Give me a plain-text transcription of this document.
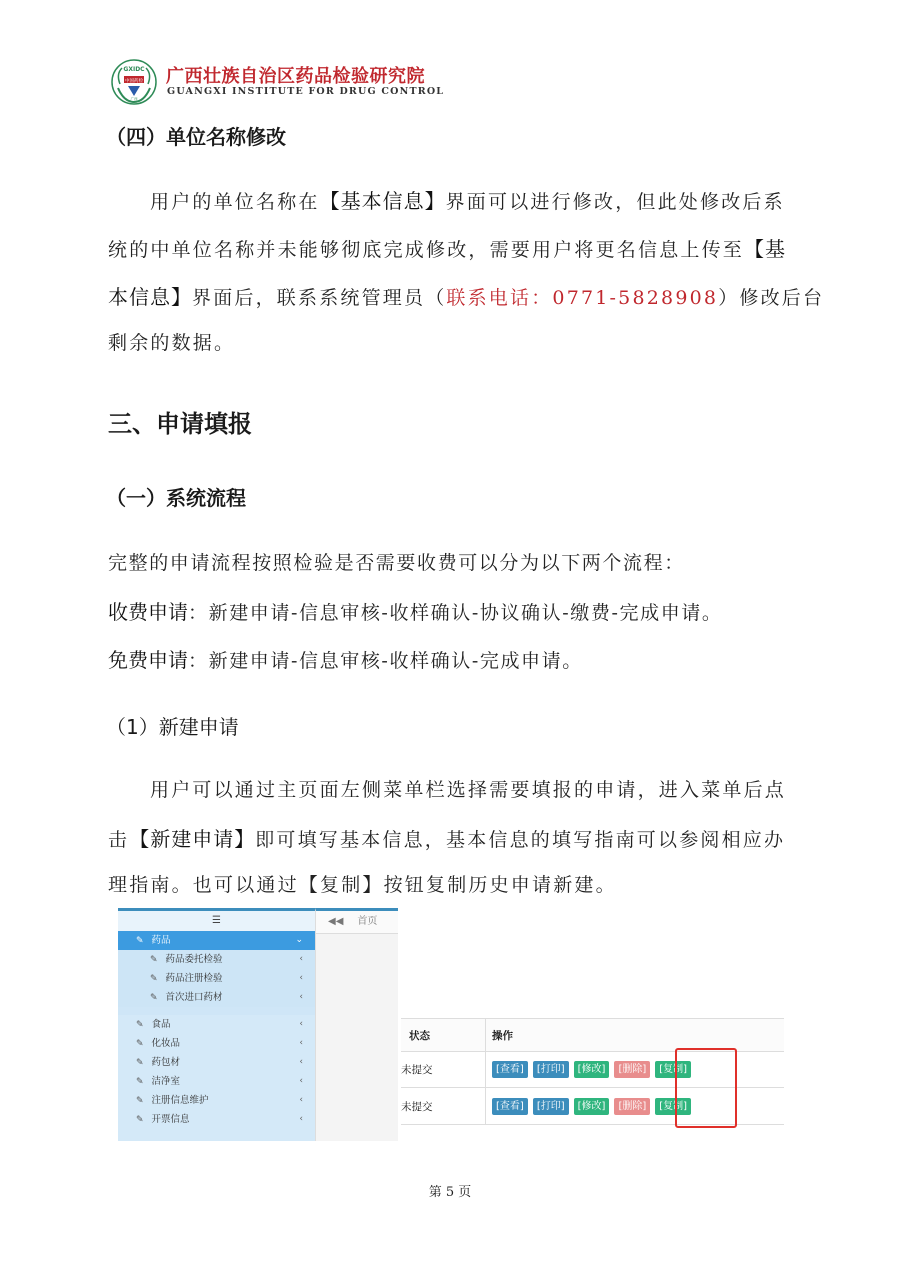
GXIDC
中国药检
广西
广西壮族自治区药品检验研究院
GUANGXI INSTITUTE FOR DRUG CONTROL
（四）单位名称修改
用户的单位名称在【基本信息】界面可以进行修改，但此处修改后系
统的中单位名称并未能够彻底完成修改，需要用户将更名信息上传至【基
本信息】界面后，联系系统管理员（联系电话：0771-5828908）修改后台
剩余的数据。
三、申请填报
（一）系统流程
完整的申请流程按照检验是否需要收费可以分为以下两个流程：
收费申请：新建申请-信息审核-收样确认-协议确认-缴费-完成申请。
免费申请：新建申请-信息审核-收样确认-完成申请。
（1）新建申请
用户可以通过主页面左侧菜单栏选择需要填报的申请，进入菜单后点
击【新建申请】即可填写基本信息，基本信息的填写指南可以参阅相应办
理指南。也可以通过【复制】按钮复制历史申请新建。
☰
✎ 药品	⌄
✎ 药品委托检验	‹
✎ 药品注册检验	‹
✎ 首次进口药材	‹
✎ 食品	‹
✎ 化妆品	‹
✎ 药包材	‹
✎ 洁净室	‹
✎ 注册信息维护	‹
✎ 开票信息	‹
◀◀ 首页
状态	操作
未提交	[查看]	[打印]	[修改]	[删除]	[复制]
未提交	[查看]	[打印]	[修改]	[删除]	[复制]
第 5 页
